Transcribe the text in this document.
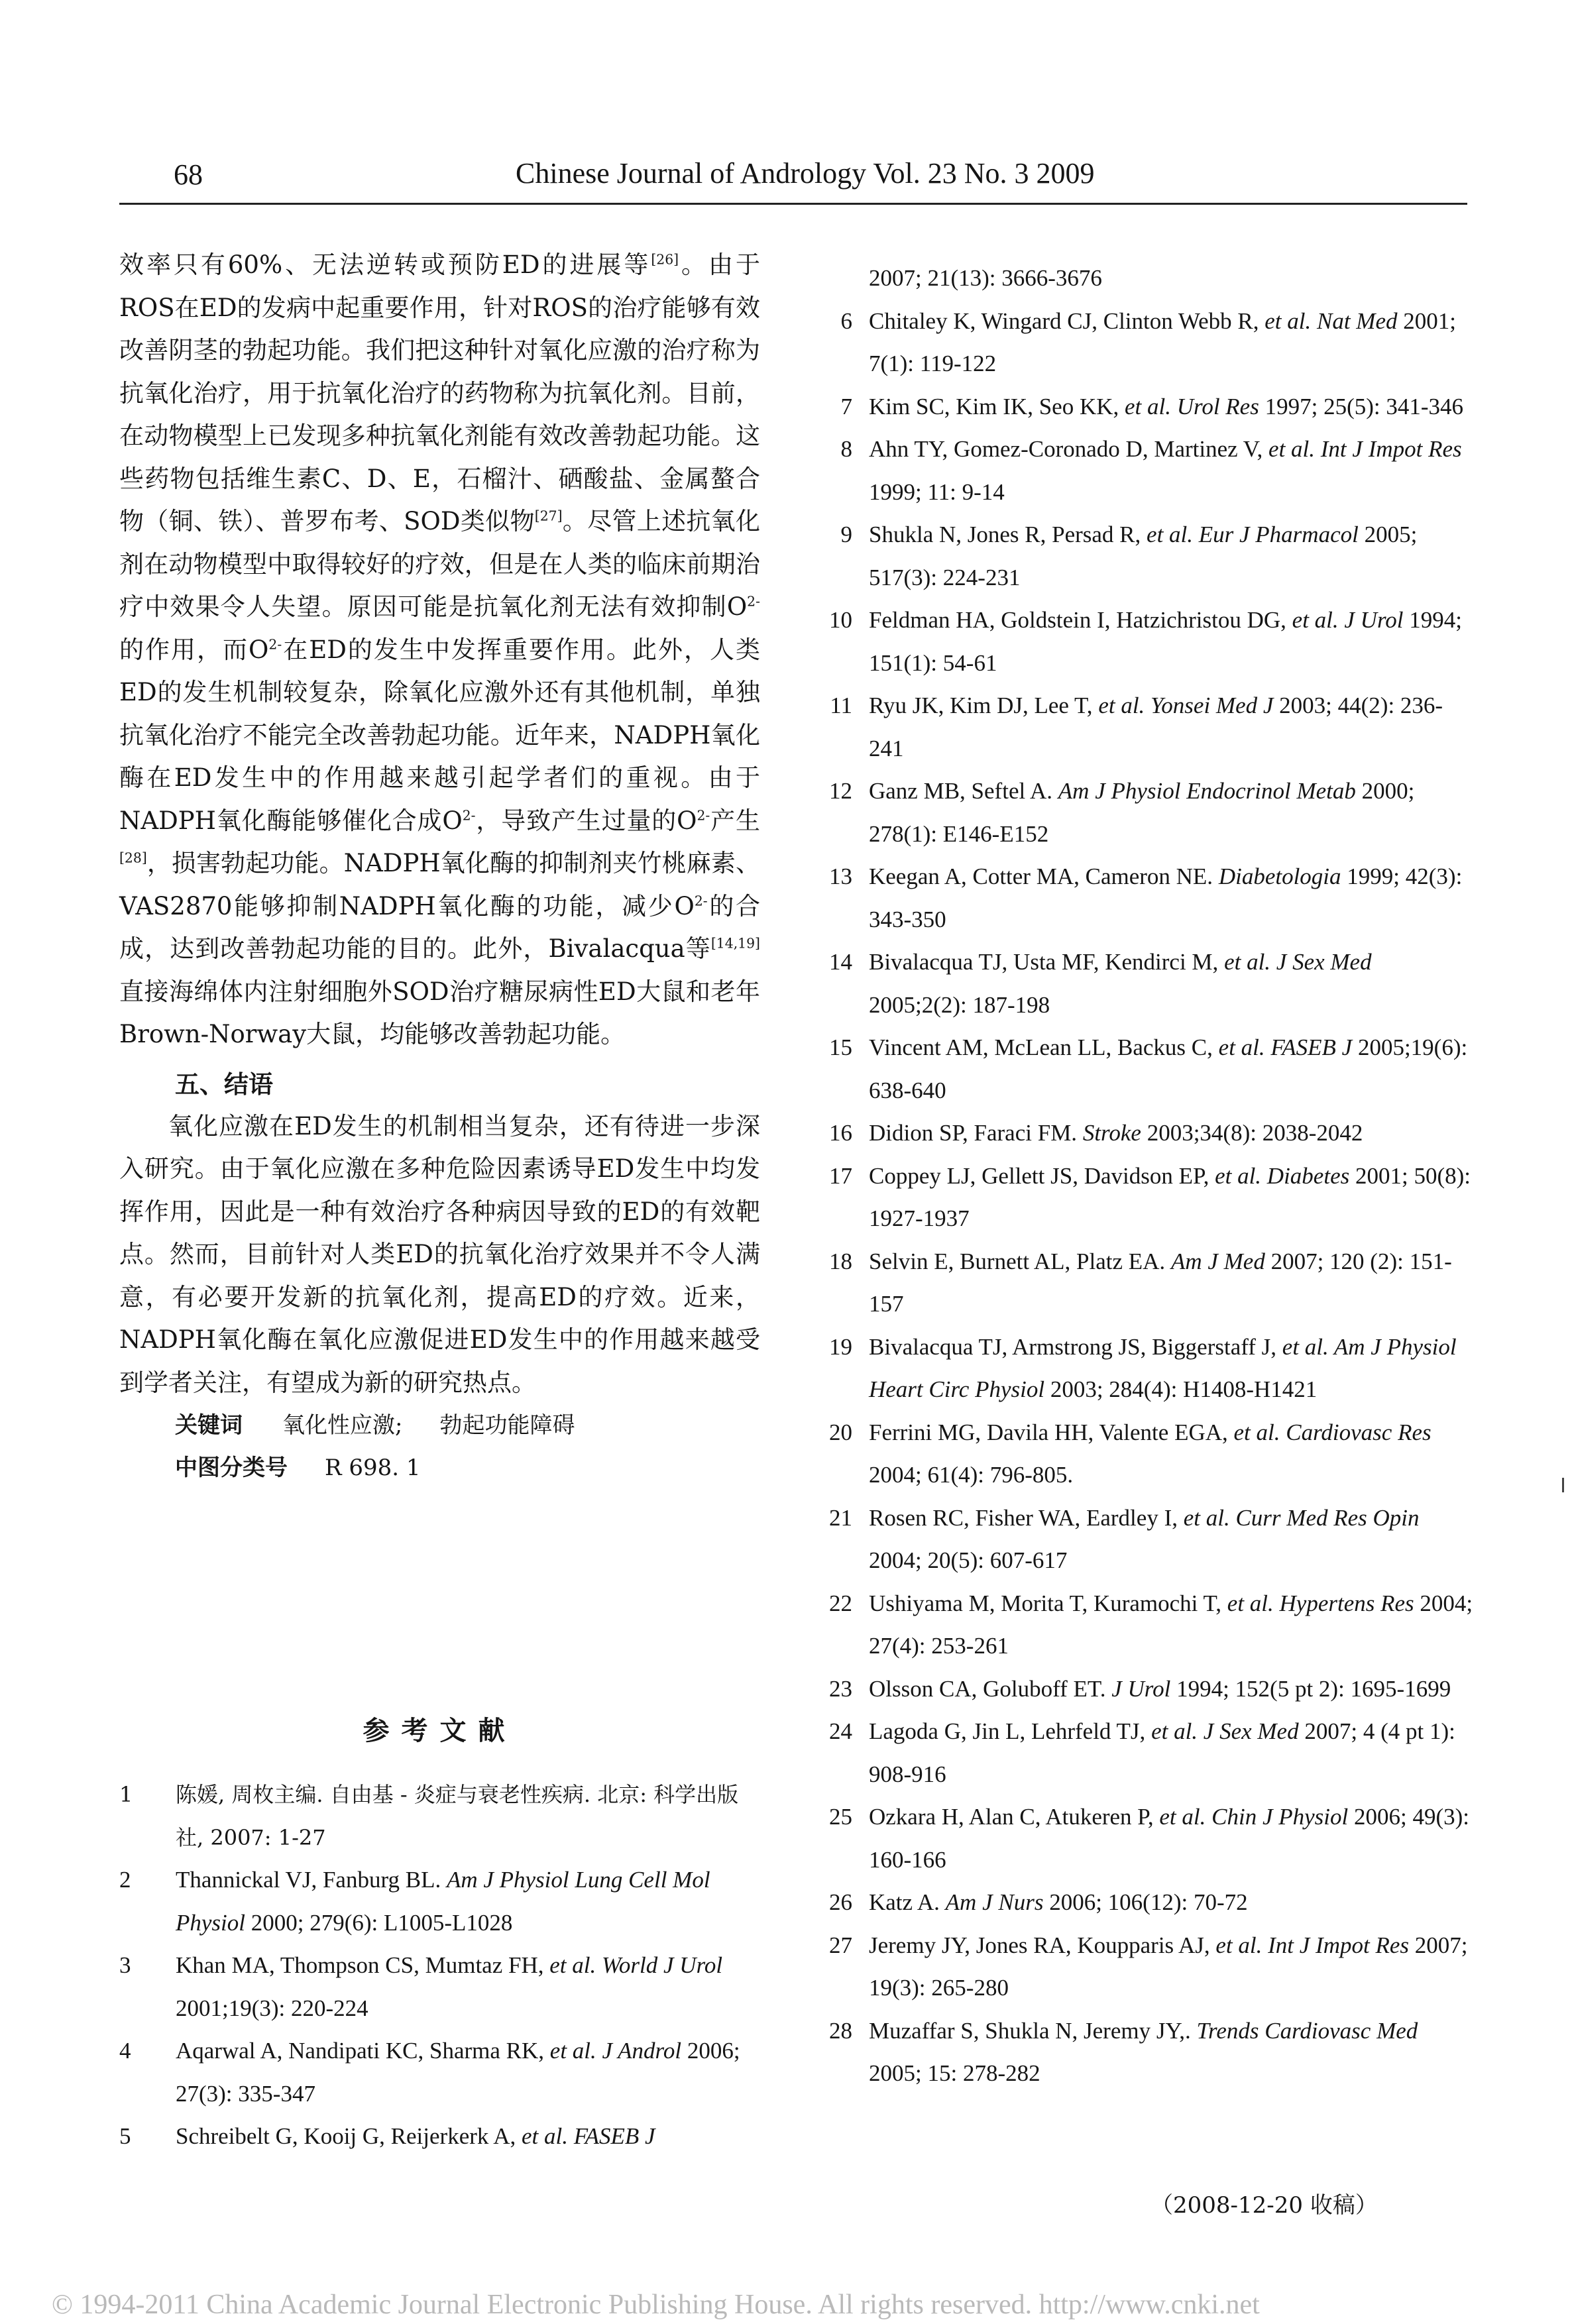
68	Chinese Journal of Andrology Vol. 23 No. 3 2009

效率只有60%、无法逆转或预防ED的进展等[26]。由于ROS在ED的发病中起重要作用，针对ROS的治疗能够有效改善阴茎的勃起功能。我们把这种针对氧化应激的治疗称为抗氧化治疗，用于抗氧化治疗的药物称为抗氧化剂。目前，在动物模型上已发现多种抗氧化剂能有效改善勃起功能。这些药物包括维生素C、D、E，石榴汁、硒酸盐、金属螯合物（铜、铁）、普罗布考、SOD类似物[27]。尽管上述抗氧化剂在动物模型中取得较好的疗效，但是在人类的临床前期治疗中效果令人失望。原因可能是抗氧化剂无法有效抑制$O^{2-}$的作用，而$O^{2-}$在ED的发生中发挥重要作用。此外，人类ED的发生机制较复杂，除氧化应激外还有其他机制，单独抗氧化治疗不能完全改善勃起功能。近年来，NADPH氧化酶在ED发生中的作用越来越引起学者们的重视。由于NADPH氧化酶能够催化合成$O^{2-}$，导致产生过量的$O^{2-}$产生[28]，损害勃起功能。NADPH氧化酶的抑制剂夹竹桃麻素、VAS2870能够抑制NADPH氧化酶的功能，减少$O^{2-}$的合成，达到改善勃起功能的目的。此外，Bivalacqua等[14,19]直接海绵体内注射细胞外SOD治疗糖尿病性ED大鼠和老年Brown-Norway大鼠，均能够改善勃起功能。

五、结语

氧化应激在ED发生的机制相当复杂，还有待进一步深入研究。由于氧化应激在多种危险因素诱导ED发生中均发挥作用，因此是一种有效治疗各种病因导致的ED的有效靶点。然而，目前针对人类ED的抗氧化治疗效果并不令人满意，有必要开发新的抗氧化剂，提高ED的疗效。近来，NADPH氧化酶在氧化应激促进ED发生中的作用越来越受到学者关注，有望成为新的研究热点。

关键词 氧化性应激; 勃起功能障碍
中图分类号 R 698. 1
参考文献
1	陈媛, 周枚主编. 自由基 - 炎症与衰老性疾病. 北京: 科学出版社, 2007: 1-27
2	Thannickal VJ, Fanburg BL. Am J Physiol Lung Cell Mol Physiol 2000; 279(6): L1005-L1028
3	Khan MA, Thompson CS, Mumtaz FH, et al. World J Urol 2001;19(3): 220-224
4	Aqarwal A, Nandipati KC, Sharma RK, et al. J Androl 2006; 27(3): 335-347
5	Schreibelt G, Kooij G, Reijerkerk A, et al. FASEB J
2007; 21(13): 3666-3676
6 Chitaley K, Wingard CJ, Clinton Webb R, et al. Nat Med 2001; 7(1): 119-122
7 Kim SC, Kim IK, Seo KK, et al. Urol Res 1997; 25(5): 341-346
8 Ahn TY, Gomez-Coronado D, Martinez V, et al. Int J Impot Res 1999; 11: 9-14
9 Shukla N, Jones R, Persad R, et al. Eur J Pharmacol 2005; 517(3): 224-231
10 Feldman HA, Goldstein I, Hatzichristou DG, et al. J Urol 1994; 151(1): 54-61
11 Ryu JK, Kim DJ, Lee T, et al. Yonsei Med J 2003; 44(2): 236-241
12 Ganz MB, Seftel A. Am J Physiol Endocrinol Metab 2000; 278(1): E146-E152
13 Keegan A, Cotter MA, Cameron NE. Diabetologia 1999; 42(3): 343-350
14 Bivalacqua TJ, Usta MF, Kendirci M, et al. J Sex Med 2005;2(2): 187-198
15 Vincent AM, McLean LL, Backus C, et al. FASEB J 2005;19(6): 638-640
16 Didion SP, Faraci FM. Stroke 2003;34(8): 2038-2042
17 Coppey LJ, Gellett JS, Davidson EP, et al. Diabetes 2001; 50(8): 1927-1937
18 Selvin E, Burnett AL, Platz EA. Am J Med 2007; 120 (2): 151-157
19 Bivalacqua TJ, Armstrong JS, Biggerstaff J, et al. Am J Physiol Heart Circ Physiol 2003; 284(4): H1408-H1421
20 Ferrini MG, Davila HH, Valente EGA, et al. Cardiovasc Res 2004; 61(4): 796-805.
21 Rosen RC, Fisher WA, Eardley I, et al. Curr Med Res Opin 2004; 20(5): 607-617
22 Ushiyama M, Morita T, Kuramochi T, et al. Hypertens Res 2004; 27(4): 253-261
23 Olsson CA, Goluboff ET. J Urol 1994; 152(5 pt 2): 1695-1699
24 Lagoda G, Jin L, Lehrfeld TJ, et al. J Sex Med 2007; 4 (4 pt 1): 908-916
25 Ozkara H, Alan C, Atukeren P, et al. Chin J Physiol 2006; 49(3): 160-166
26 Katz A. Am J Nurs 2006; 106(12): 70-72
27 Jeremy JY, Jones RA, Koupparis AJ, et al. Int J Impot Res 2007; 19(3): 265-280
28 Muzaffar S, Shukla N, Jeremy JY,. Trends Cardiovasc Med 2005; 15: 278-282
（2008-12-20 收稿）
© 1994-2011 China Academic Journal Electronic Publishing House. All rights reserved. http://www.cnki.net
